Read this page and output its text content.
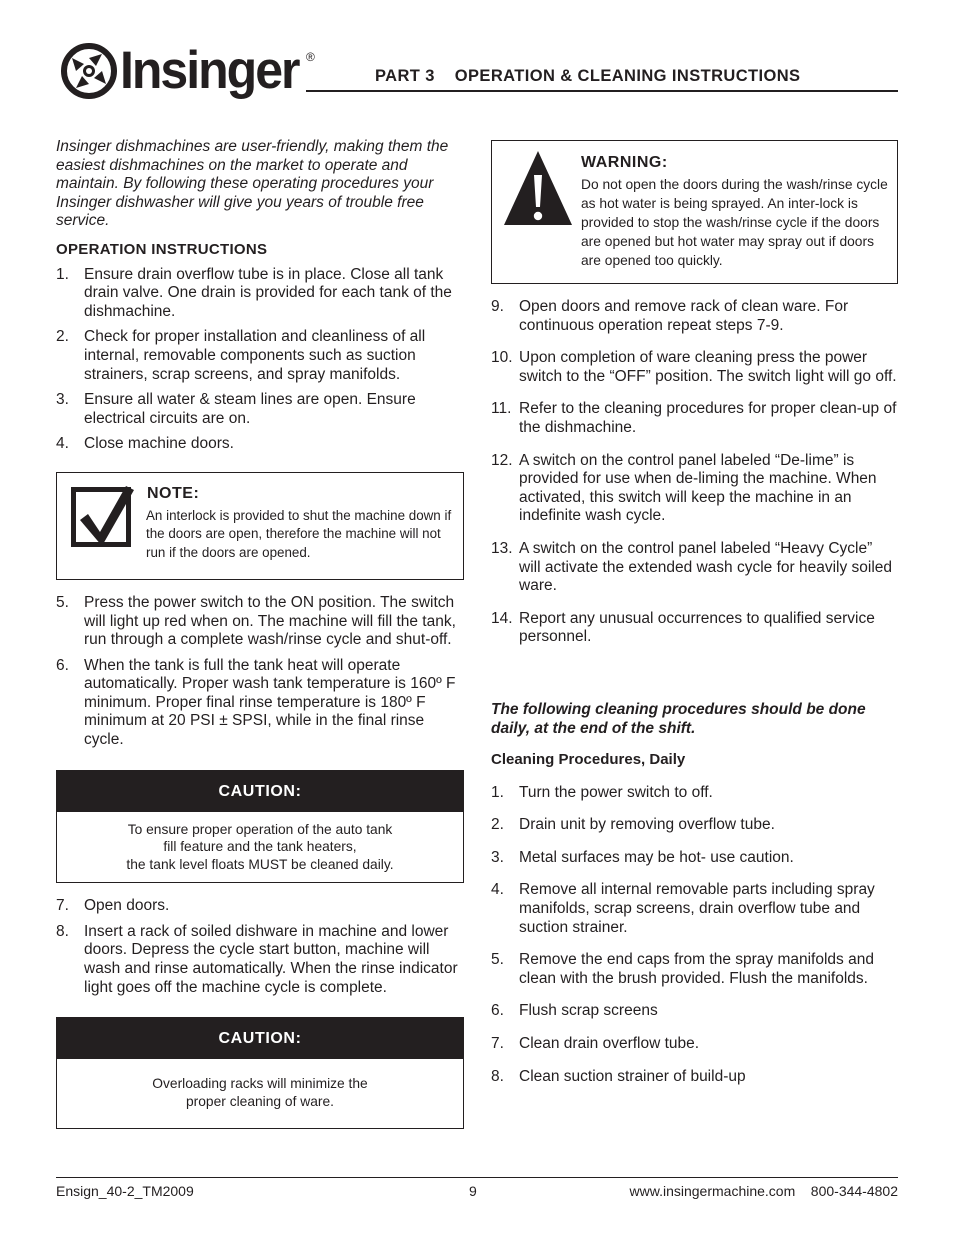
Insinger ®
PART 3    OPERATION & CLEANING INSTRUCTIONS

Insinger dishmachines are user-friendly, making them the easiest dishmachines on the market to operate and maintain. By following these operating procedures your Insinger dishwasher will give you years of trouble free service.

OPERATION INSTRUCTIONS

1. Ensure drain overflow tube is in place. Close all tank drain valve. One drain is provided for each tank of the dishmachine.
2. Check for proper installation and cleanliness of all internal, removable components such as suction strainers, scrap screens, and spray manifolds.
3. Ensure all water & steam lines are open. Ensure electrical circuits are on.
4. Close machine doors.
NOTE:
An interlock is provided to shut the machine down if the doors are open, therefore the machine will not run if the doors are opened.
5. Press the power switch to the ON position. The switch will light up red when on. The machine will fill the tank, run through a complete wash/rinse cycle and shut-off.
6. When the tank is full the tank heat will operate automatically. Proper wash tank temperature is 160º F minimum. Proper final rinse temperature is 180º F minimum at 20 PSI ± SPSI, while in the final rinse cycle.
CAUTION:
To ensure proper operation of the auto tank
fill feature and the tank heaters,
the tank level floats MUST be cleaned daily.
7. Open doors.
8. Insert a rack of soiled dishware in machine and lower doors. Depress the cycle start button, machine will wash and rinse automatically. When the rinse indicator light goes off the machine cycle is complete.
CAUTION:
Overloading racks will minimize the
proper cleaning of ware.
WARNING:
Do not open the doors during the wash/rinse cycle as hot water is being sprayed. An inter-lock is provided to stop the wash/rinse cycle if the doors are opened but hot water may spray out if doors are opened too quickly.
9. Open doors and remove rack of clean ware. For continuous operation repeat steps 7-9.
10. Upon completion of ware cleaning press the power switch to the “OFF” position. The switch light will go off.
11. Refer to the cleaning procedures for proper clean-up of the dishmachine.
12. A switch on the control panel labeled “De-lime” is provided for use when de-liming the machine. When activated, this switch will keep the machine in an indefinite wash cycle.
13. A switch on the control panel labeled “Heavy Cycle” will activate the extended wash cycle for heavily soiled ware.
14. Report any unusual occurrences to qualified service personnel.

The following cleaning procedures should be done daily, at the end of the shift.

Cleaning Procedures, Daily

1. Turn the power switch to off.
2. Drain unit by removing overflow tube.
3. Metal surfaces may be hot- use caution.
4. Remove all internal removable parts including spray manifolds, scrap screens, drain overflow tube and suction strainer.
5. Remove the end caps from the spray manifolds and clean with the brush provided. Flush the manifolds.
6. Flush scrap screens
7. Clean drain overflow tube.
8. Clean suction strainer of build-up
Ensign_40-2_TM2009	9	www.insingermachine.com    800-344-4802
